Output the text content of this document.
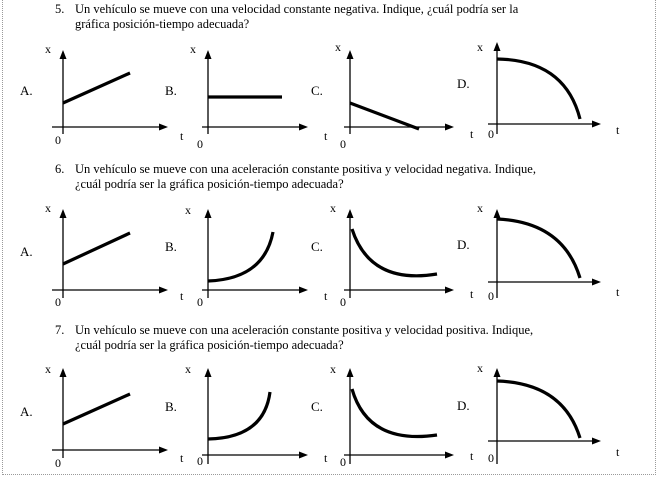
5. Un vehículo se mueve con una velocidad constante negativa. Indique, ¿cuál podría ser la
gráfica posición-tiempo adecuada?
6. Un vehículo se mueve con una aceleración constante positiva y velocidad negativa. Indique,
¿cuál podría ser la gráfica posición-tiempo adecuada?
7. Un vehículo se mueve con una aceleración constante positiva y velocidad positiva. Indique,
¿cuál podría ser la gráfica posición-tiempo adecuada?
A.	B.	C.	D.
A.	B.	C.	D.
A.	B.	C.	D.
x
0
x
t
0
x
t
0
x
t	t
0
x
0
x
t 0
x
t 0
x
t	t
0
x
0
x
t 0
x
t 0
x
t	t
0
